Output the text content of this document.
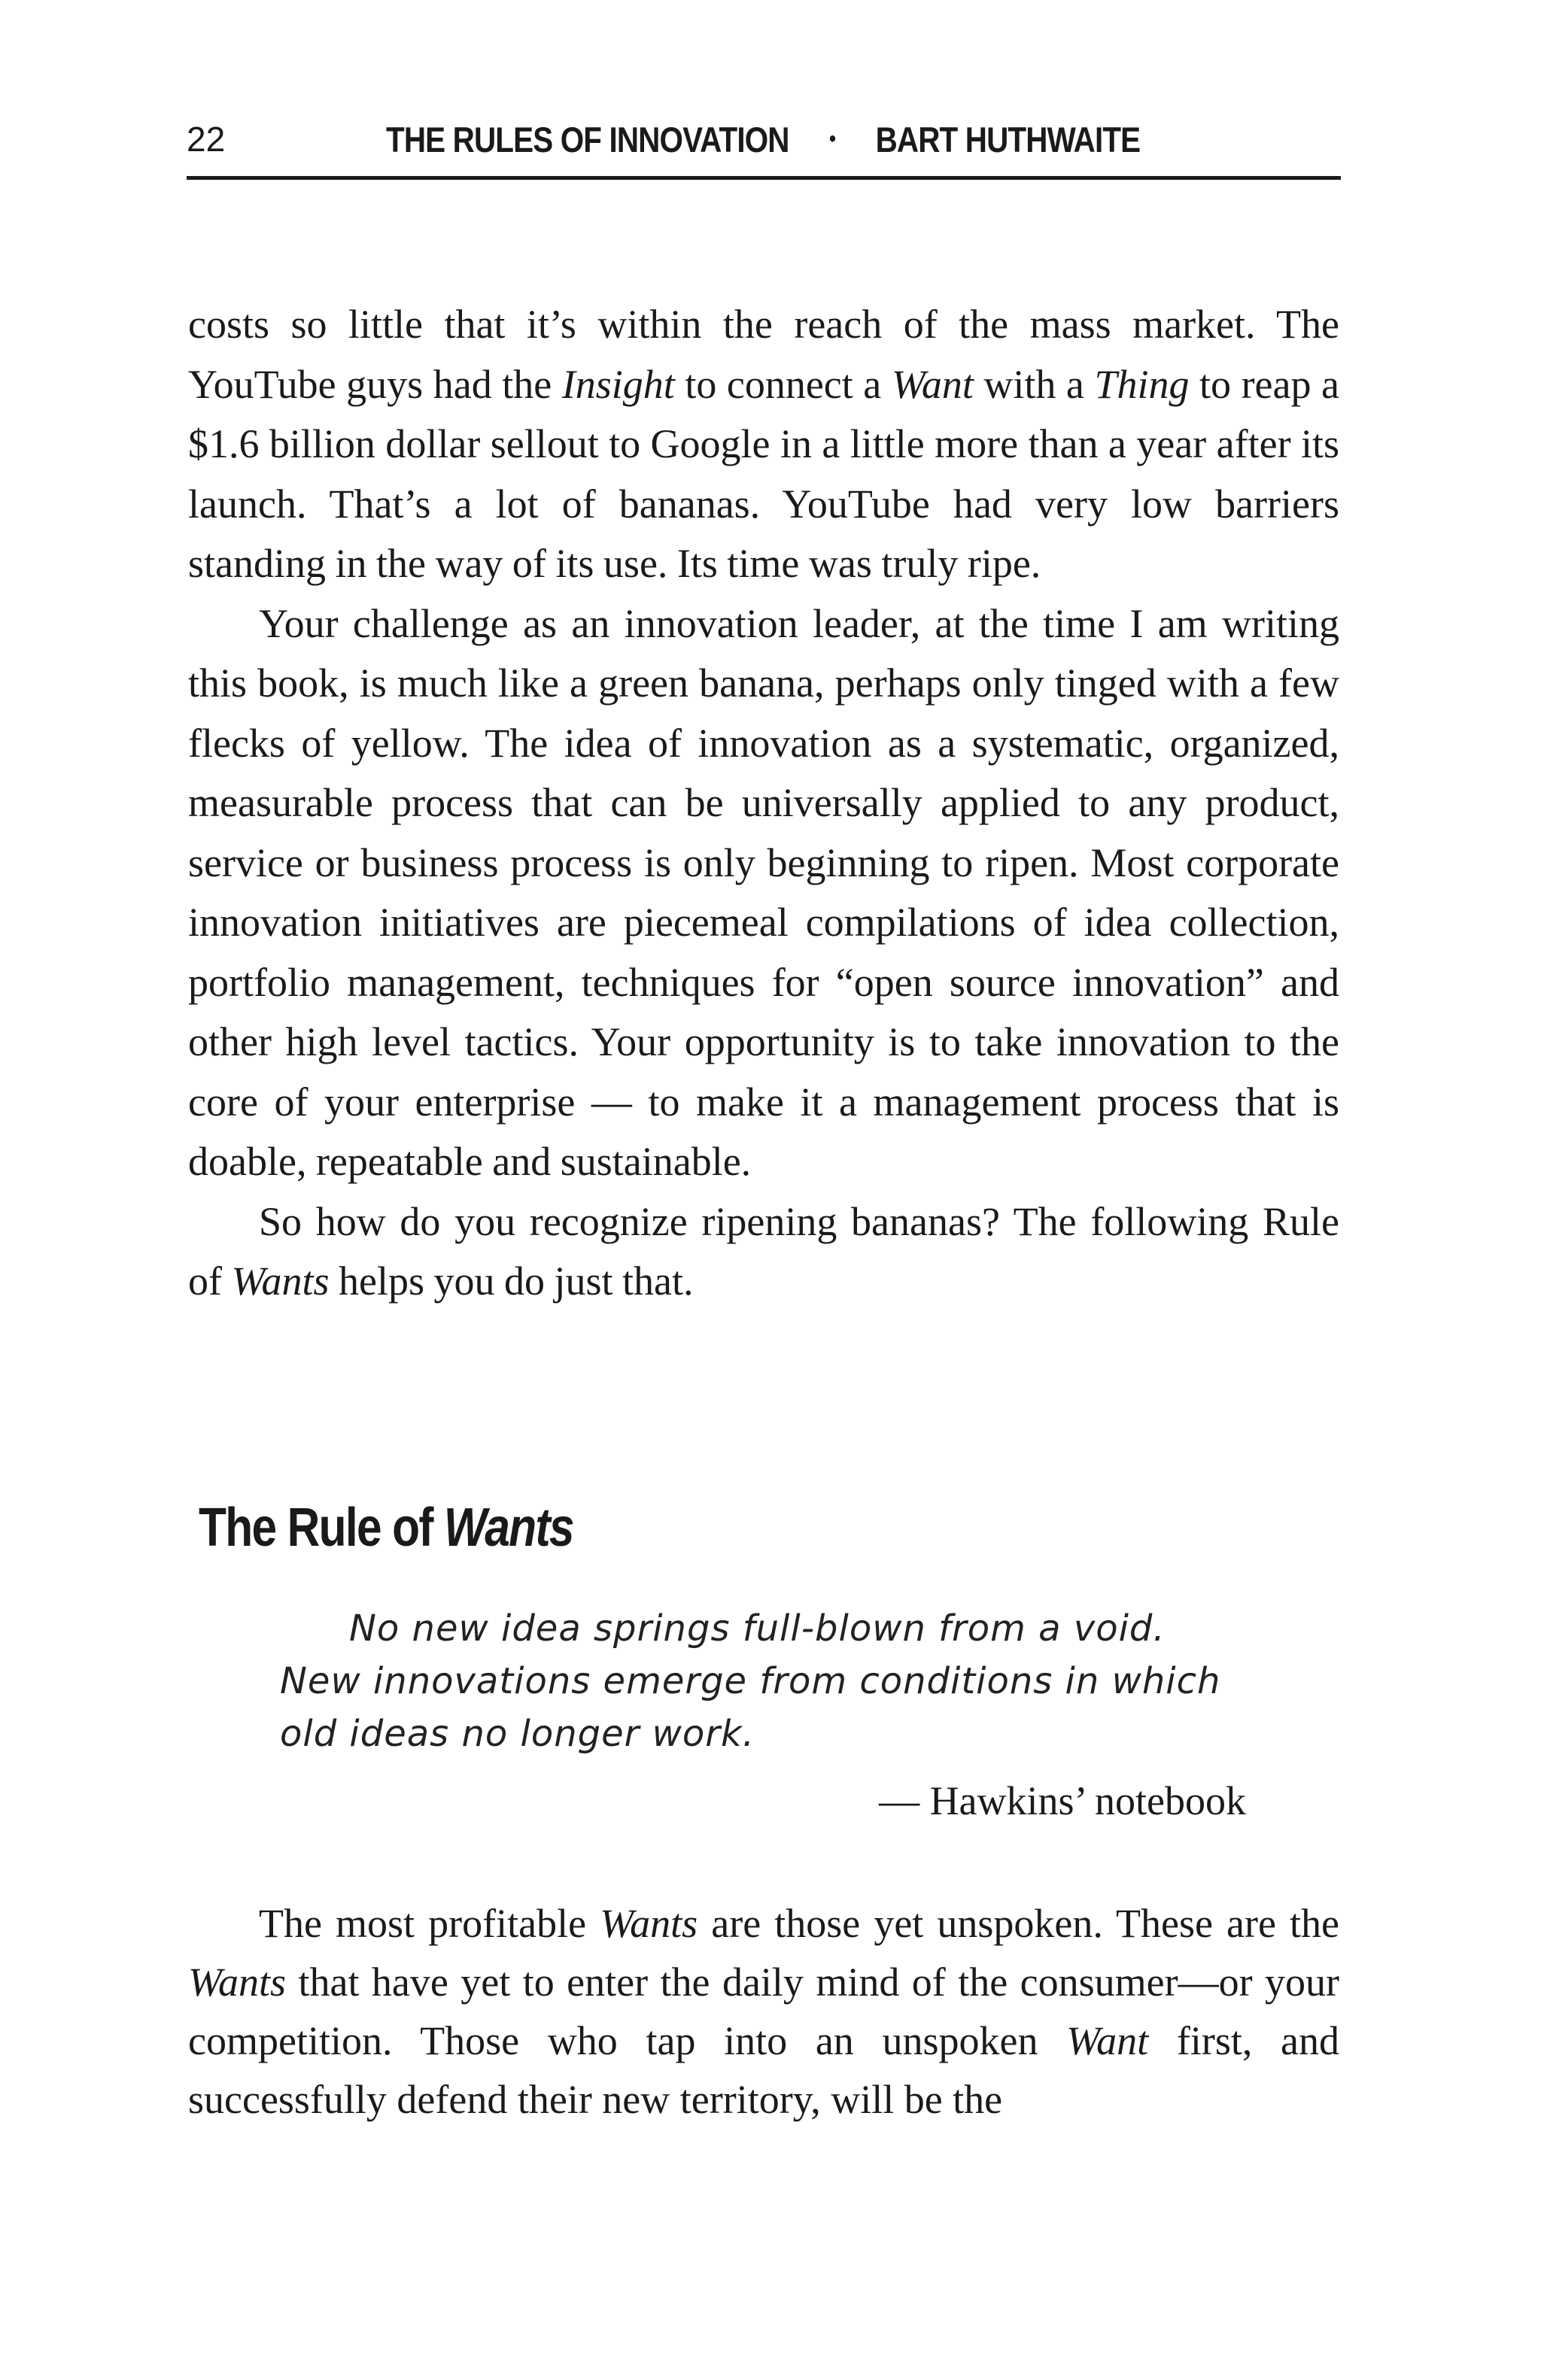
22	THE RULES OF INNOVATION • BART HUTHWAITE

costs so little that it’s within the reach of the mass market. The YouTube guys had the Insight to connect a Want with a Thing to reap a $1.6 billion dollar sellout to Google in a little more than a year after its launch. That’s a lot of bananas. YouTube had very low barriers standing in the way of its use. Its time was truly ripe.

Your challenge as an innovation leader, at the time I am writing this book, is much like a green banana, perhaps only tinged with a few flecks of yellow. The idea of innovation as a systematic, organized, measurable process that can be universally applied to any product, service or business process is only beginning to ripen. Most corporate innovation initiatives are piecemeal compilations of idea collection, portfolio management, techniques for “open source innovation” and other high level tactics. Your opportunity is to take innovation to the core of your enterprise — to make it a management process that is doable, repeatable and sustainable.

So how do you recognize ripening bananas? The following Rule of Wants helps you do just that.

The Rule of Wants
No new idea springs full-blown from a void.
New innovations emerge from conditions in which
old ideas no longer work.
— Hawkins’ notebook

The most profitable Wants are those yet unspoken. These are the Wants that have yet to enter the daily mind of the consumer—or your competition. Those who tap into an unspoken Want first, and successfully defend their new territory, will be the
